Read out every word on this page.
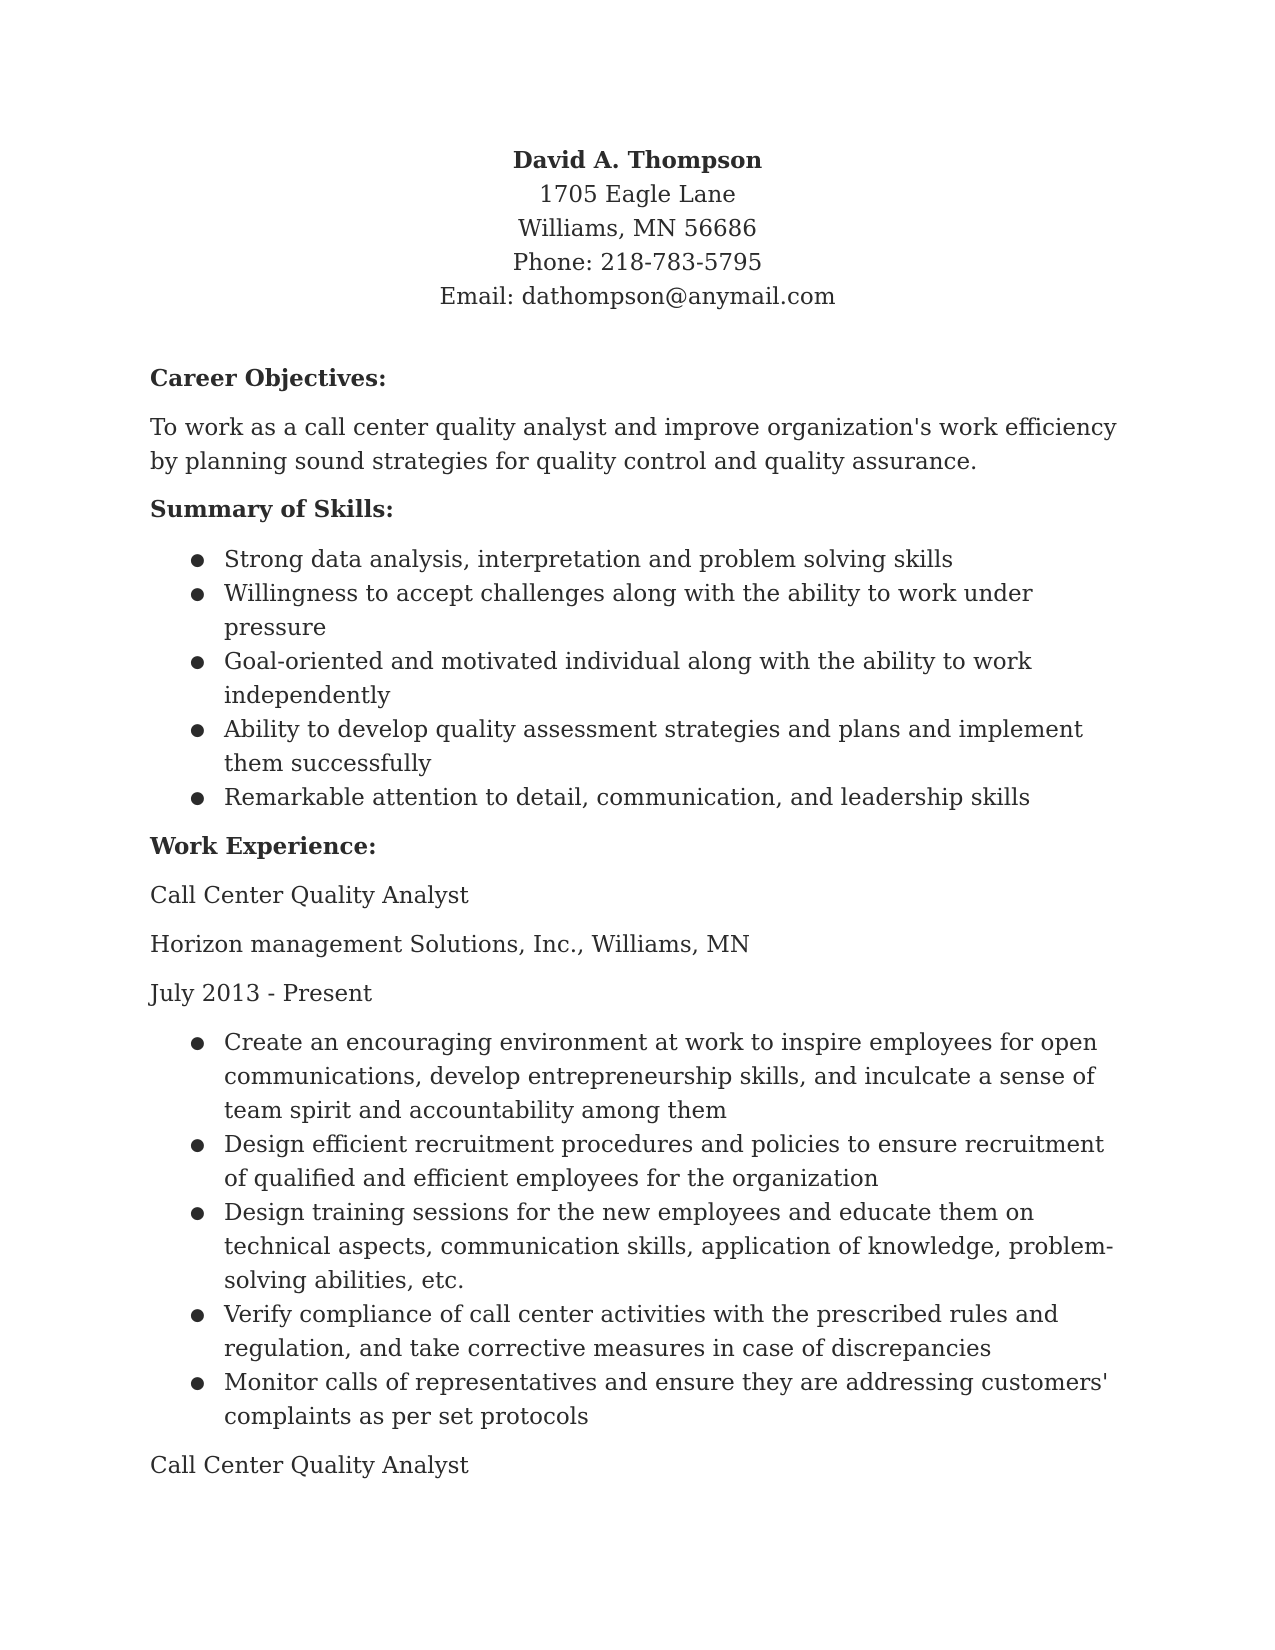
David A. Thompson
1705 Eagle Lane
Williams, MN 56686
Phone: 218-783-5795
Email: dathompson@anymail.com
Career Objectives:

To work as a call center quality analyst and improve organization's work efficiency by planning sound strategies for quality control and quality assurance.

Summary of Skills:
● Strong data analysis, interpretation and problem solving skills
● Willingness to accept challenges along with the ability to work under pressure
● Goal-oriented and motivated individual along with the ability to work independently
● Ability to develop quality assessment strategies and plans and implement them successfully
● Remarkable attention to detail, communication, and leadership skills
Work Experience:

Call Center Quality Analyst

Horizon management Solutions, Inc., Williams, MN

July 2013 - Present

● Create an encouraging environment at work to inspire employees for open communications, develop entrepreneurship skills, and inculcate a sense of team spirit and accountability among them
● Design efficient recruitment procedures and policies to ensure recruitment of qualified and efficient employees for the organization
● Design training sessions for the new employees and educate them on technical aspects, communication skills, application of knowledge, problem-solving abilities, etc.
● Verify compliance of call center activities with the prescribed rules and regulation, and take corrective measures in case of discrepancies
● Monitor calls of representatives and ensure they are addressing customers' complaints as per set protocols

Call Center Quality Analyst
